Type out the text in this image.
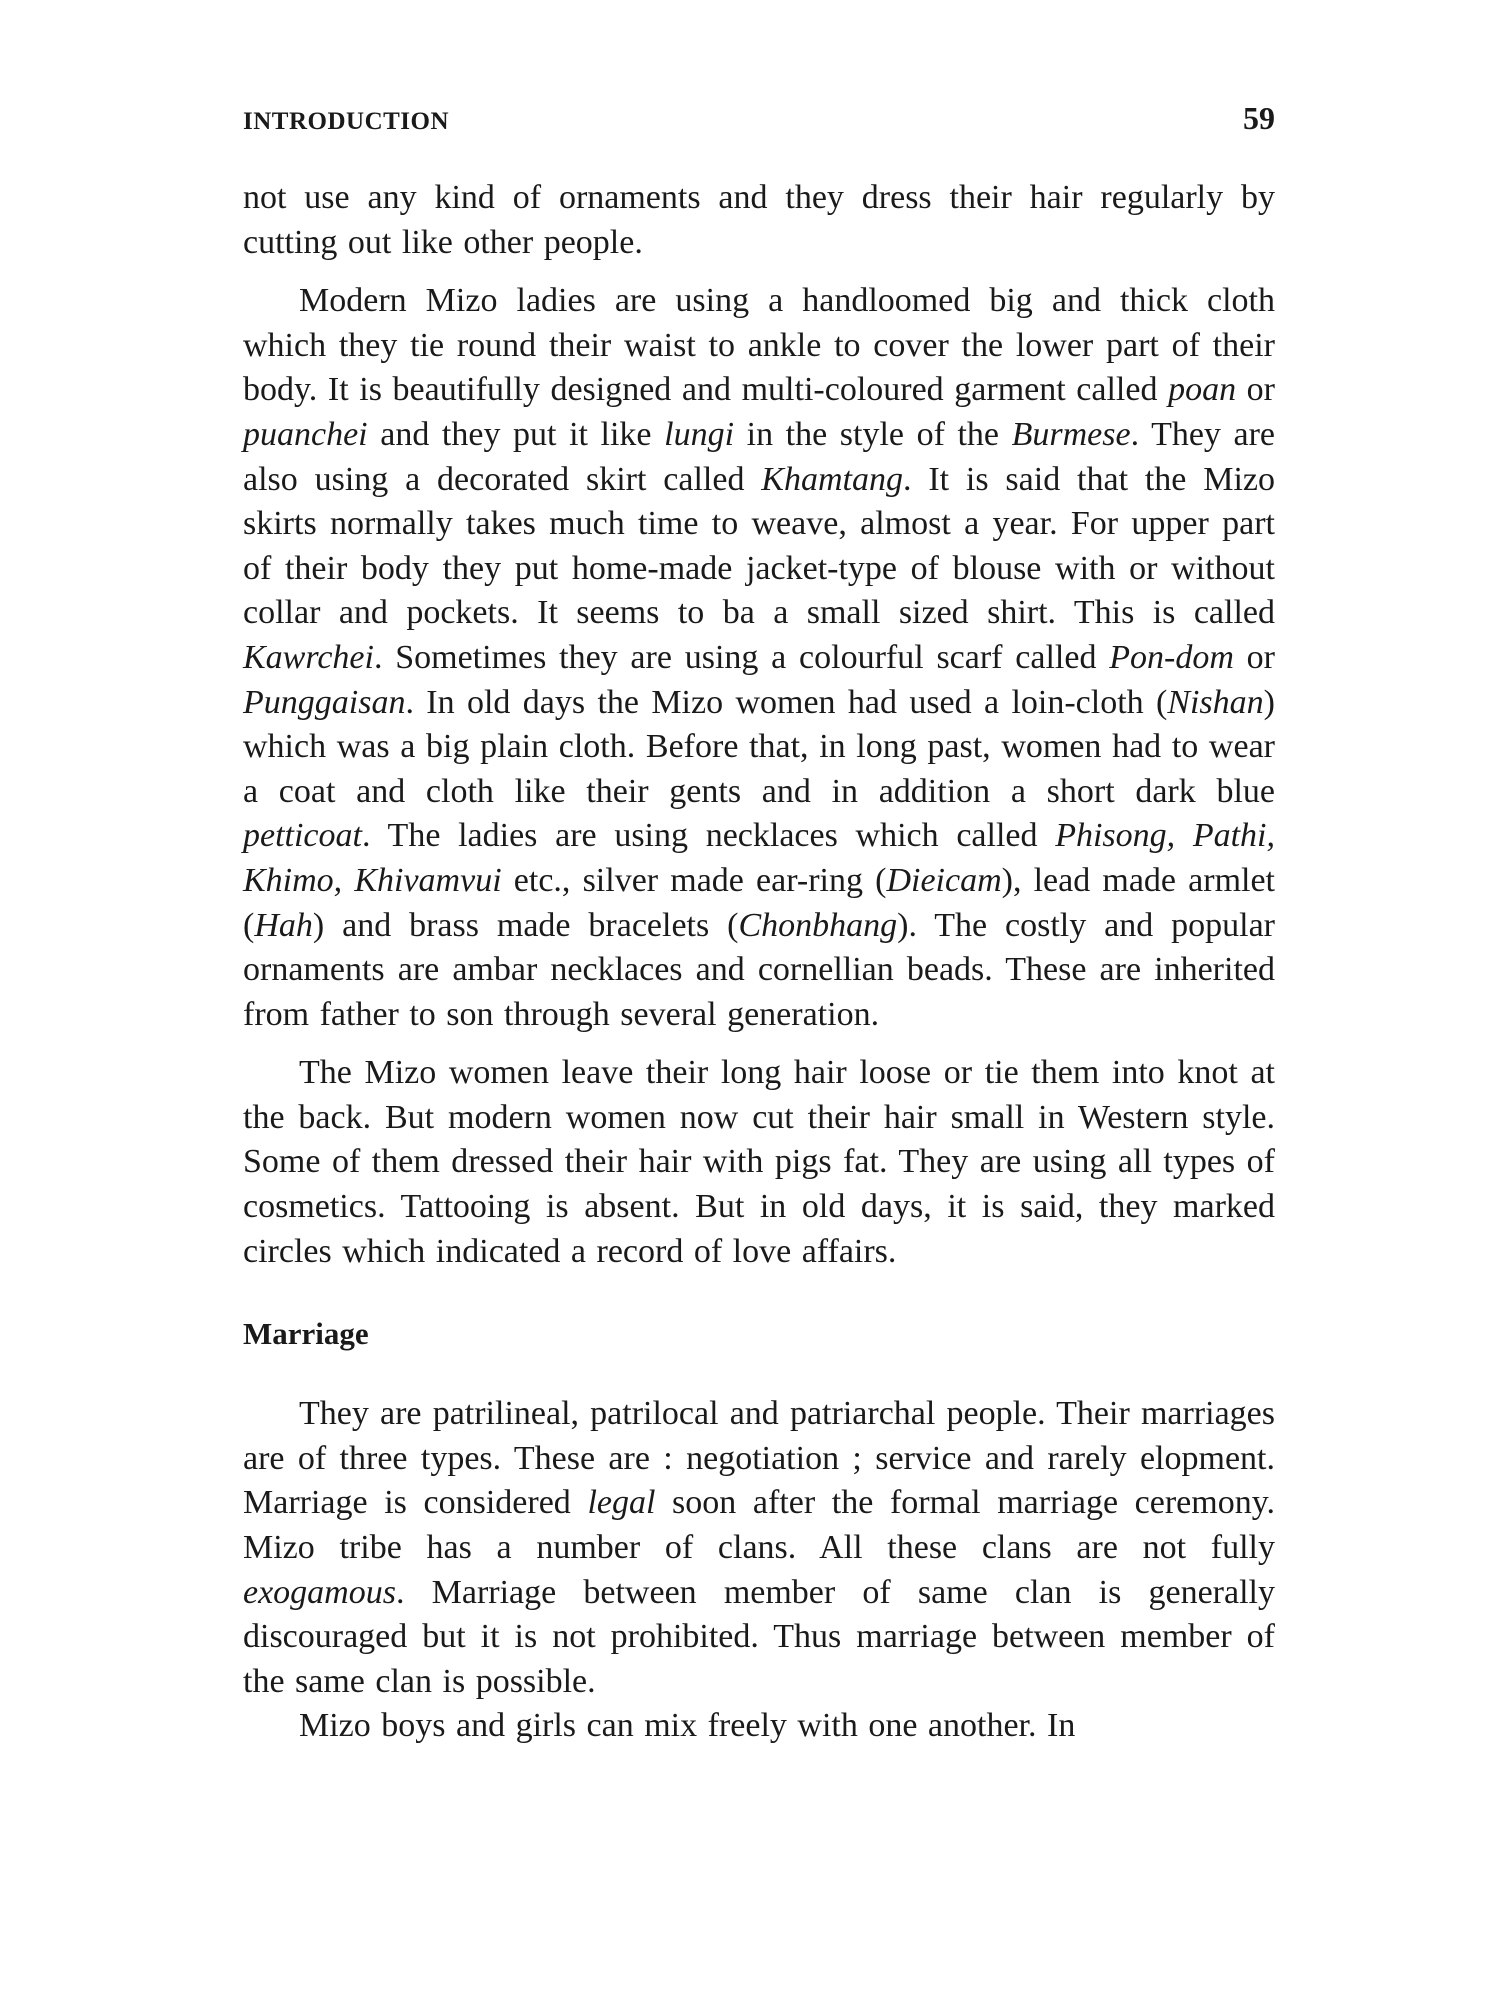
INTRODUCTION	59

not use any kind of ornaments and they dress their hair regularly by cutting out like other people.

Modern Mizo ladies are using a handloomed big and thick cloth which they tie round their waist to ankle to cover the lower part of their body. It is beautifully designed and multi-coloured garment called poan or puanchei and they put it like lungi in the style of the Burmese. They are also using a decorated skirt called Khamtang. It is said that the Mizo skirts normally takes much time to weave, almost a year. For upper part of their body they put home-made jacket-type of blouse with or without collar and pockets. It seems to ba a small sized shirt. This is called Kawrchei. Sometimes they are using a colourful scarf called Pon-dom or Punggaisan. In old days the Mizo women had used a loin-cloth (Nishan) which was a big plain cloth. Before that, in long past, women had to wear a coat and cloth like their gents and in addition a short dark blue petticoat. The ladies are using necklaces which called Phisong, Pathi, Khimo, Khivamvui etc., silver made ear-ring (Dieicam), lead made armlet (Hah) and brass made bracelets (Chonbhang). The costly and popular ornaments are ambar necklaces and cornellian beads. These are inherited from father to son through several generation.

The Mizo women leave their long hair loose or tie them into knot at the back. But modern women now cut their hair small in Western style. Some of them dressed their hair with pigs fat. They are using all types of cosmetics. Tattooing is absent. But in old days, it is said, they marked circles which indicated a record of love affairs.

Marriage

They are patrilineal, patrilocal and patriarchal people. Their marriages are of three types. These are : negotiation ; service and rarely elopment. Marriage is considered legal soon after the formal marriage ceremony. Mizo tribe has a number of clans. All these clans are not fully exogamous. Marriage between member of same clan is generally discouraged but it is not prohibited. Thus marriage between member of the same clan is possible.

Mizo boys and girls can mix freely with one another. In
